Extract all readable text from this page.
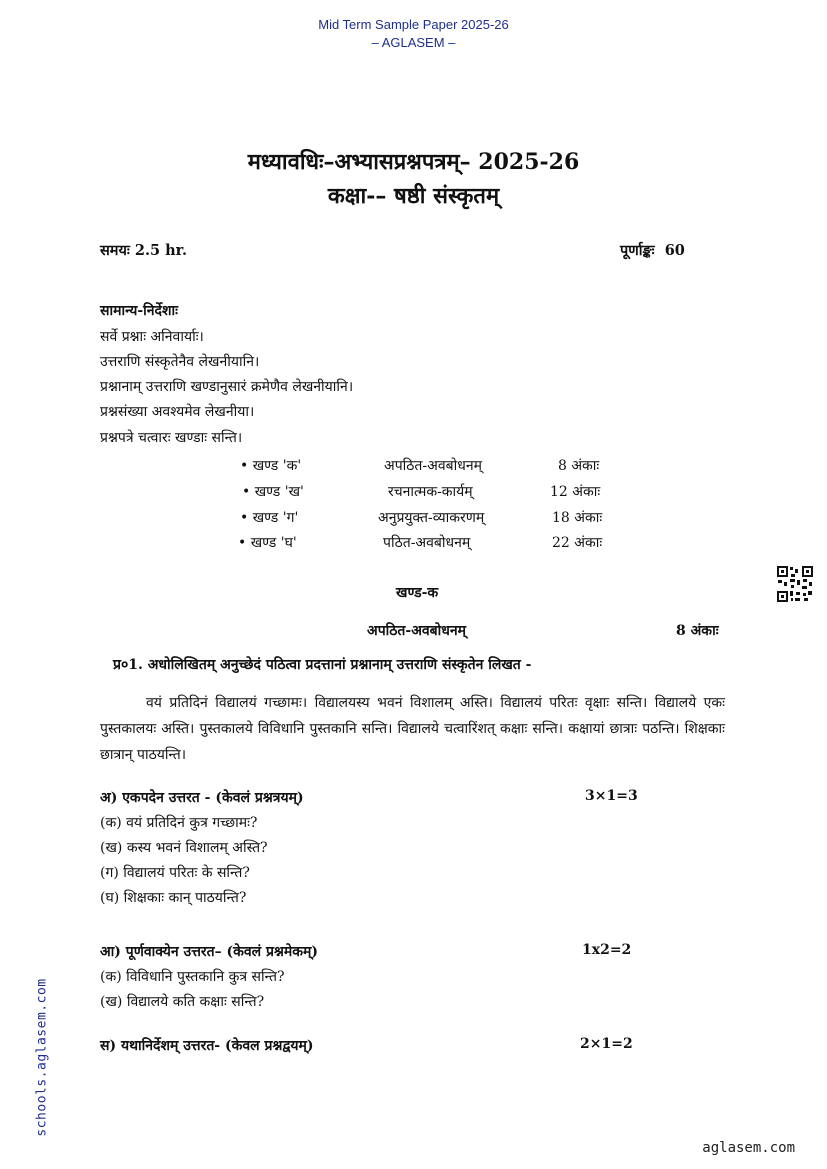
Mid Term Sample Paper 2025-26
– AGLASEM –
मध्यावधिः–अभ्यासप्रश्नपत्रम्– 2025-26
कक्षा-– षष्ठी संस्कृतम्
समयः 2.5 hr.	पूर्णाङ्कः 60
सामान्य-निर्देशाः
सर्वे प्रश्नाः अनिवार्याः।
उत्तराणि संस्कृतेनैव लेखनीयानि।
प्रश्नानाम् उत्तराणि खण्डानुसारं क्रमेणैव लेखनीयानि।
प्रश्नसंख्या अवश्यमेव लेखनीया।
प्रश्नपत्रे चत्वारः खण्डाः सन्ति।
• खण्ड 'क'	अपठित-अवबोधनम्	8 अंकाः
• खण्ड 'ख'	रचनात्मक-कार्यम्	12 अंकाः
• खण्ड 'ग'	अनुप्रयुक्त-व्याकरणम्	18 अंकाः
• खण्ड 'घ'	पठित-अवबोधनम्	22 अंकाः
खण्ड-क
अपठित-अवबोधनम्	8 अंकाः
प्र०1. अधोलिखितम् अनुच्छेदं पठित्वा प्रदत्तानां प्रश्नानाम् उत्तराणि संस्कृतेन लिखत -
वयं प्रतिदिनं विद्यालयं गच्छामः। विद्यालयस्य भवनं विशालम् अस्ति। विद्यालयं परितः वृक्षाः सन्ति। विद्यालये एकः पुस्तकालयः अस्ति। पुस्तकालये विविधानि पुस्तकानि सन्ति। विद्यालये चत्वारिंशत् कक्षाः सन्ति। कक्षायां छात्राः पठन्ति। शिक्षकाः छात्रान् पाठयन्ति।
अ) एकपदेन उत्तरत - (केवलं प्रश्नत्रयम्)	3×1=3
(क) वयं प्रतिदिनं कुत्र गच्छामः?
(ख) कस्य भवनं विशालम् अस्ति?
(ग) विद्यालयं परितः के सन्ति?
(घ) शिक्षकाः कान् पाठयन्ति?
आ) पूर्णवाक्येन उत्तरत– (केवलं प्रश्नमेकम्)	1x2=2
(क) विविधानि पुस्तकानि कुत्र सन्ति?
(ख) विद्यालये कति कक्षाः सन्ति?
स) यथानिर्देशम् उत्तरत- (केवल प्रश्नद्वयम्)	2×1=2
schools.aglasem.com
aglasem.com
